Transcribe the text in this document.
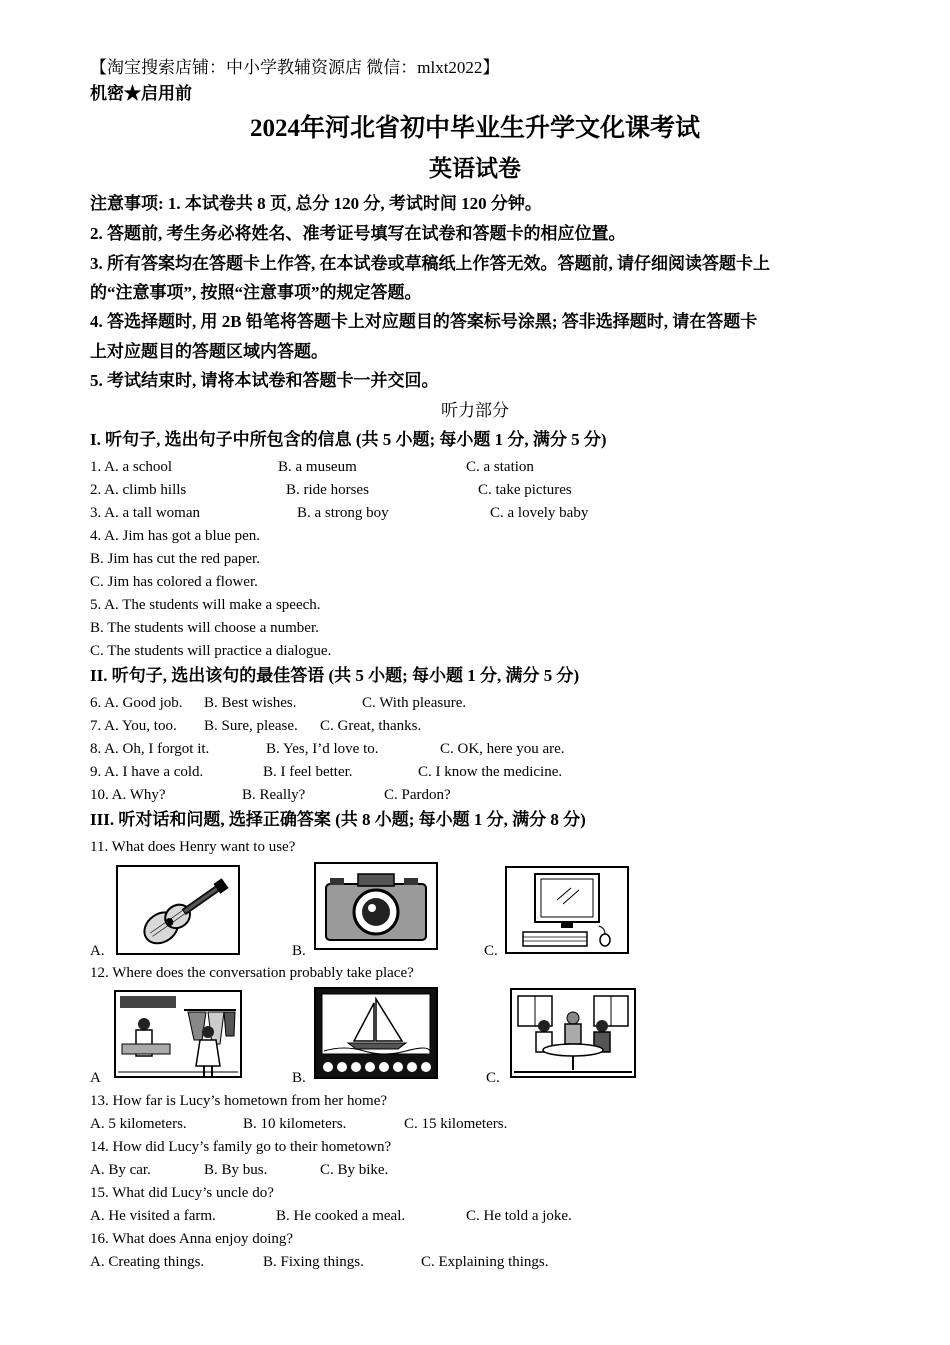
【淘宝搜索店铺：中小学教辅资源店 微信：mlxt2022】
机密★启用前
2024年河北省初中毕业生升学文化课考试
英语试卷
注意事项: 1. 本试卷共 8 页, 总分 120 分, 考试时间 120 分钟。
2. 答题前, 考生务必将姓名、准考证号填写在试卷和答题卡的相应位置。
3. 所有答案均在答题卡上作答, 在本试卷或草稿纸上作答无效。答题前, 请仔细阅读答题卡上
的“注意事项”, 按照“注意事项”的规定答题。
4. 答选择题时, 用 2B 铅笔将答题卡上对应题目的答案标号涂黑; 答非选择题时, 请在答题卡
上对应题目的答题区域内答题。
5. 考试结束时, 请将本试卷和答题卡一并交回。
听力部分
I. 听句子, 选出句子中所包含的信息 (共 5 小题; 每小题 1 分, 满分 5 分)
1. A. a school	B. a museum	C. a station
2. A. climb hills	B. ride horses	C. take pictures
3. A. a tall woman	B. a strong boy	C. a lovely baby
4. A. Jim has got a blue pen.
B. Jim has cut the red paper.
C. Jim has colored a flower.
5. A. The students will make a speech.
B. The students will choose a number.
C. The students will practice a dialogue.
II. 听句子, 选出该句的最佳答语 (共 5 小题; 每小题 1 分, 满分 5 分)
6. A. Good job. B. Best wishes.	C. With pleasure.
7. A. You, too. B. Sure, please. C. Great, thanks.
8. A. Oh, I forgot it.	B. Yes, I’d love to.	C. OK, here you are.
9. A. I have a cold.	B. I feel better.	C. I know the medicine.
10. A. Why?	B. Really?	C. Pardon?
III. 听对话和问题, 选择正确答案 (共 8 小题; 每小题 1 分, 满分 8 分)
11. What does Henry want to use?
A.	B.	C.
12. Where does the conversation probably take place?
A	B.	C.
13. How far is Lucy’s hometown from her home?
A. 5 kilometers.	B. 10 kilometers.	C. 15 kilometers.
14. How did Lucy’s family go to their hometown?
A. By car.	B. By bus.	C. By bike.
15. What did Lucy’s uncle do?
A. He visited a farm.	B. He cooked a meal.	C. He told a joke.
16. What does Anna enjoy doing?
A. Creating things.	B. Fixing things.	C. Explaining things.
